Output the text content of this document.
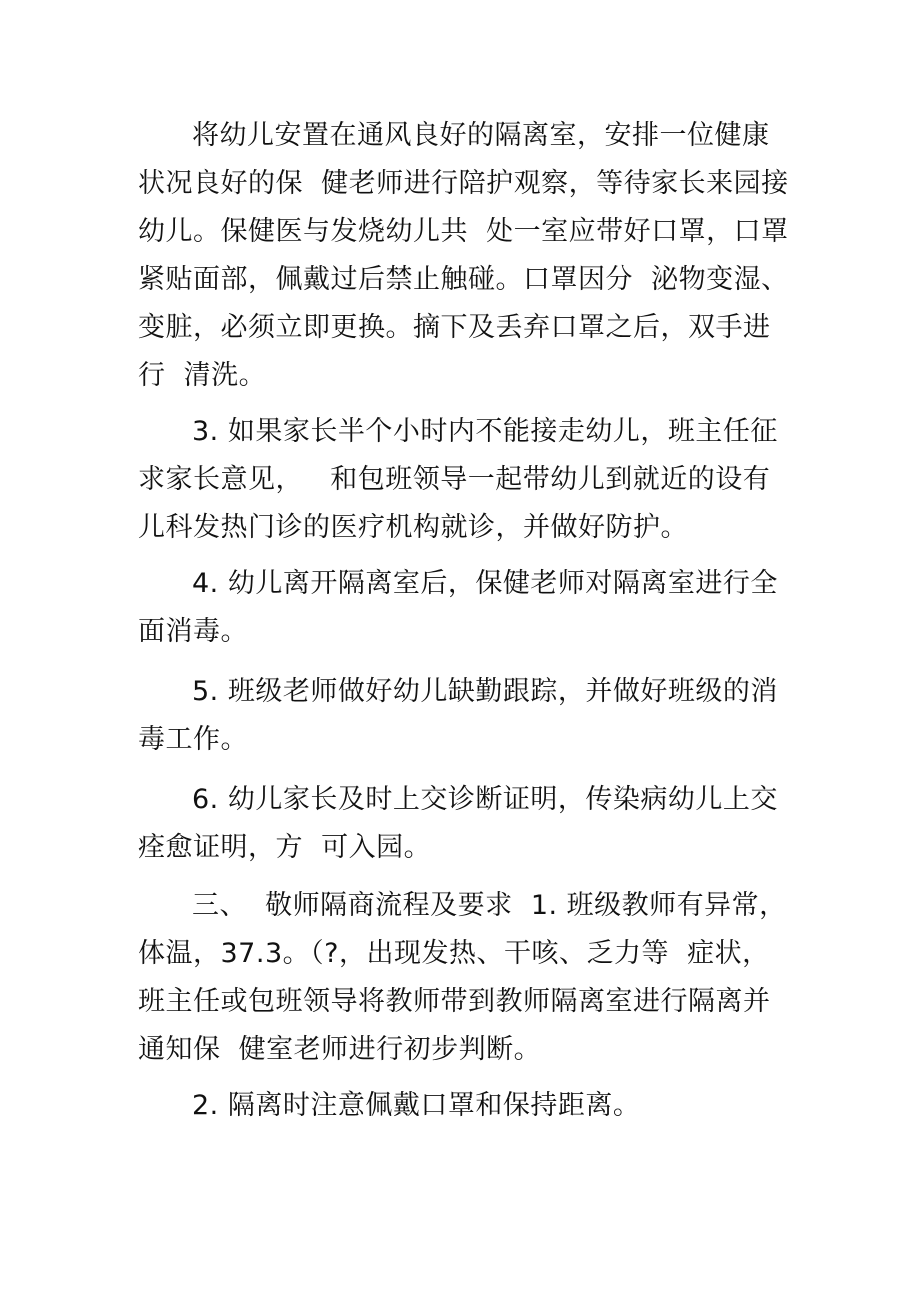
将幼儿安置在通风良好的隔离室，安排一位健康
状况良好的保  健老师进行陪护观察，等待家长来园接
幼儿。保健医与发烧幼儿共  处一室应带好口罩，口罩
紧贴面部，佩戴过后禁止触碰。口罩因分  泌物变湿、
变脏，必须立即更换。摘下及丢弃口罩之后，双手进
行  清洗。

3. 如果家长半个小时内不能接走幼儿，班主任征
求家长意见，   和包班领导一起带幼儿到就近的设有
儿科发热门诊的医疗机构就诊，并做好防护。

4. 幼儿离开隔离室后，保健老师对隔离室进行全
面消毒。

5. 班级老师做好幼儿缺勤跟踪，并做好班级的消
毒工作。

6. 幼儿家长及时上交诊断证明，传染病幼儿上交
痊愈证明，方  可入园。

三、  敬师隔商流程及要求  1. 班级教师有异常，
体温，37.3。（?，出现发热、干咳、乏力等  症状，
班主任或包班领导将教师带到教师隔离室进行隔离并
通知保  健室老师进行初步判断。

2. 隔离时注意佩戴口罩和保持距离。
